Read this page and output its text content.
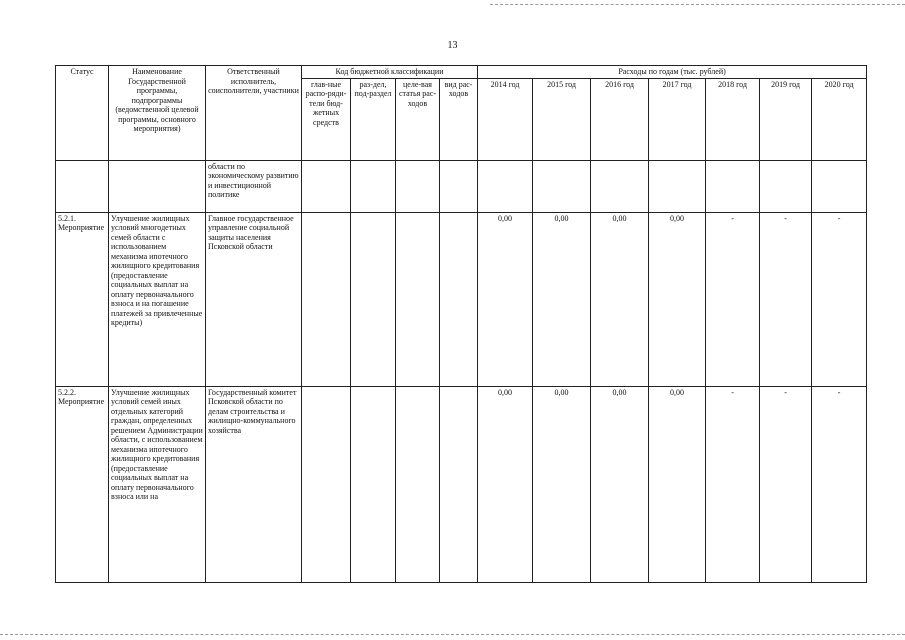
13
Статус	Наименование Государственной программы, подпрограммы (ведомственной целевой программы, основного мероприятия)	Ответственный исполнитель, соисполнители, участники	Код бюджетной классификации				Расходы по годам (тыс. рублей)						
			глав-ные распо-ряди-тели бюд-жетных средств	раз-дел, под-раздел	целе-вая статья рас-ходов	вид рас-ходов	2014 год	2015 год	2016 год	2017 год	2018 год	2019 год	2020 год
		области по экономическому развитию и инвестиционной политике											
5.2.1. Мероприятие	Улучшение жилищных условий многодетных семей области с использованием механизма ипотечного жилищного кредитования (предоставление социальных выплат на оплату первоначального взноса и на погашение платежей за привлеченные кредиты)	Главное государственное управление социальной защиты населения Псковской области					0,00	0,00	0,00	0,00	-	-	-
5.2.2. Мероприятие	Улучшение жилищных условий семей иных отдельных категорий граждан, определенных решением Администрации области, с использованием механизма ипотечного жилищного кредитования (предоставление социальных выплат на оплату первоначального взноса или на	Государственный комитет Псковской области по делам строительства и жилищно-коммунального хозяйства					0,00	0,00	0,00	0,00	-	-	-
